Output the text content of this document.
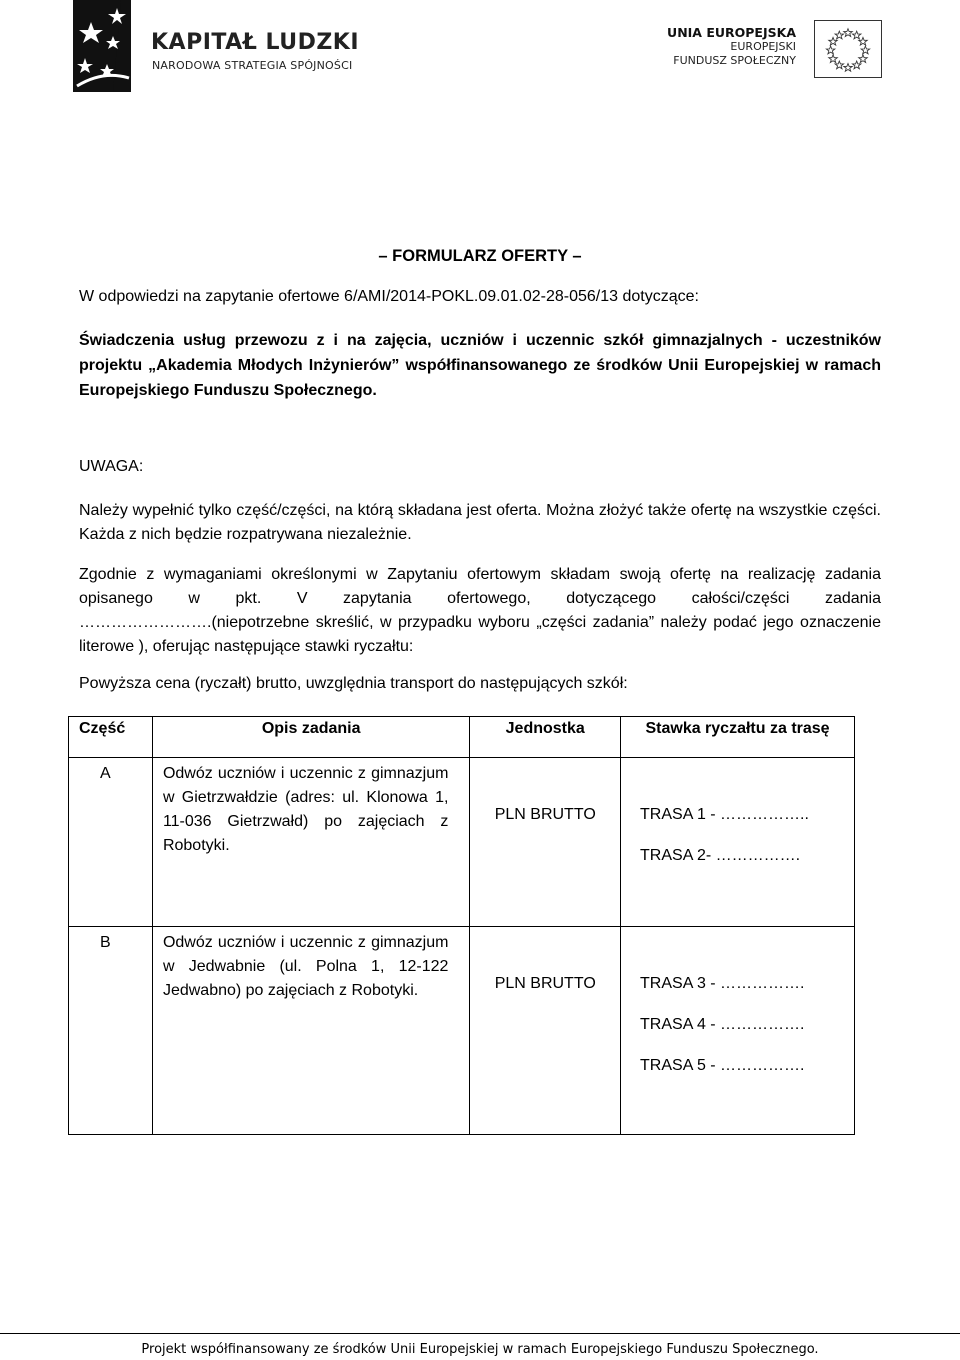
KAPITAŁ LUDZKI
NARODOWA STRATEGIA SPÓJNOŚCI
UNIA EUROPEJSKA
EUROPEJSKI
FUNDUSZ SPOŁECZNY
– FORMULARZ OFERTY –
W odpowiedzi na zapytanie ofertowe 6/AMI/2014-POKL.09.01.02-28-056/13 dotyczące:
Świadczenia usług przewozu z i na zajęcia, uczniów i uczennic szkół gimnazjalnych - uczestników projektu „Akademia Młodych Inżynierów” współfinansowanego ze środków Unii Europejskiej w ramach Europejskiego Funduszu Społecznego.
UWAGA:
Należy wypełnić tylko część/części, na którą składana jest oferta. Można złożyć także ofertę na wszystkie części. Każda z nich będzie rozpatrywana niezależnie.
Zgodnie z wymaganiami określonymi w Zapytaniu ofertowym składam swoją ofertę na realizację zadania opisanego w pkt. V zapytania ofertowego, dotyczącego całości/części zadania
…………………….(niepotrzebne skreślić, w przypadku wyboru „części zadania” należy podać jego oznaczenie literowe ), oferując następujące stawki ryczałtu:
Powyższa cena (ryczałt) brutto, uwzględnia transport do następujących szkół:
Część	Opis zadania	Jednostka	Stawka ryczałtu za trasę
A	Odwóz uczniów i uczennic z gimnazjum w Gietrzwałdzie (adres: ul. Klonowa 1, 11-036 Gietrzwałd) po zajęciach z Robotyki.	PLN BRUTTO	TRASA 1 - ……………..
TRASA 2- …………….

B	Odwóz uczniów i uczennic z gimnazjum w Jedwabnie (ul. Polna 1, 12-122 Jedwabno) po zajęciach z Robotyki.	PLN BRUTTO	TRASA 3 - …………….
TRASA 4 - …………….
TRASA 5 - …………….
Projekt współfinansowany ze środków Unii Europejskiej w ramach Europejskiego Funduszu Społecznego.
